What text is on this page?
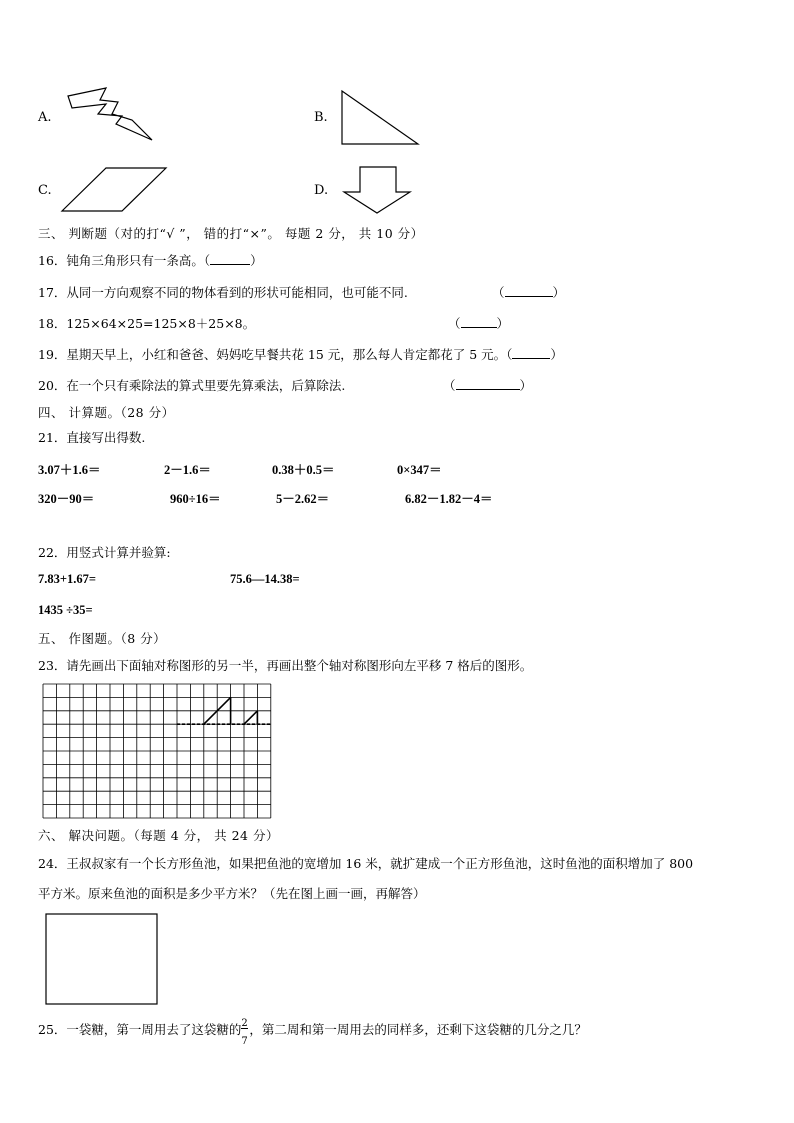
A.	B.
C.	D.
三、 判断题（对的打“√ ”， 错的打“×”。 每题 2 分， 共 10 分）
16．钝角三角形只有一条高。（	）
17．从同一方向观察不同的物体看到的形状可能相同，也可能不同.	（	）
18．125×64×25=125×8＋25×8。	（	）
19．星期天早上，小红和爸爸、妈妈吃早餐共花 15 元，那么每人肯定都花了 5 元。（	）
20．在一个只有乘除法的算式里要先算乘法，后算除法.	（	）
四、 计算题。（28 分）
21．直接写出得数.
3.07＋1.6＝	2－1.6＝	0.38＋0.5＝	0×347＝
320－90＝	960÷16＝	5－2.62＝	6.82－1.82－4＝
22．用竖式计算并验算:
7.83+1.67=	75.6—14.38=
1435 ÷35=
五、 作图题。（8 分）
23．请先画出下面轴对称图形的另一半，再画出整个轴对称图形向左平移 7 格后的图形。
六、 解决问题。（每题 4 分， 共 24 分）
24．王叔叔家有一个长方形鱼池，如果把鱼池的宽增加 16 米，就扩建成一个正方形鱼池，这时鱼池的面积增加了 800
平方米。原来鱼池的面积是多少平方米？（先在图上画一画，再解答）
25．一袋糖，第一周用去了这袋糖的 $\frac{2}{7}$ ，第二周和第一周用去的同样多，还剩下这袋糖的几分之几？
